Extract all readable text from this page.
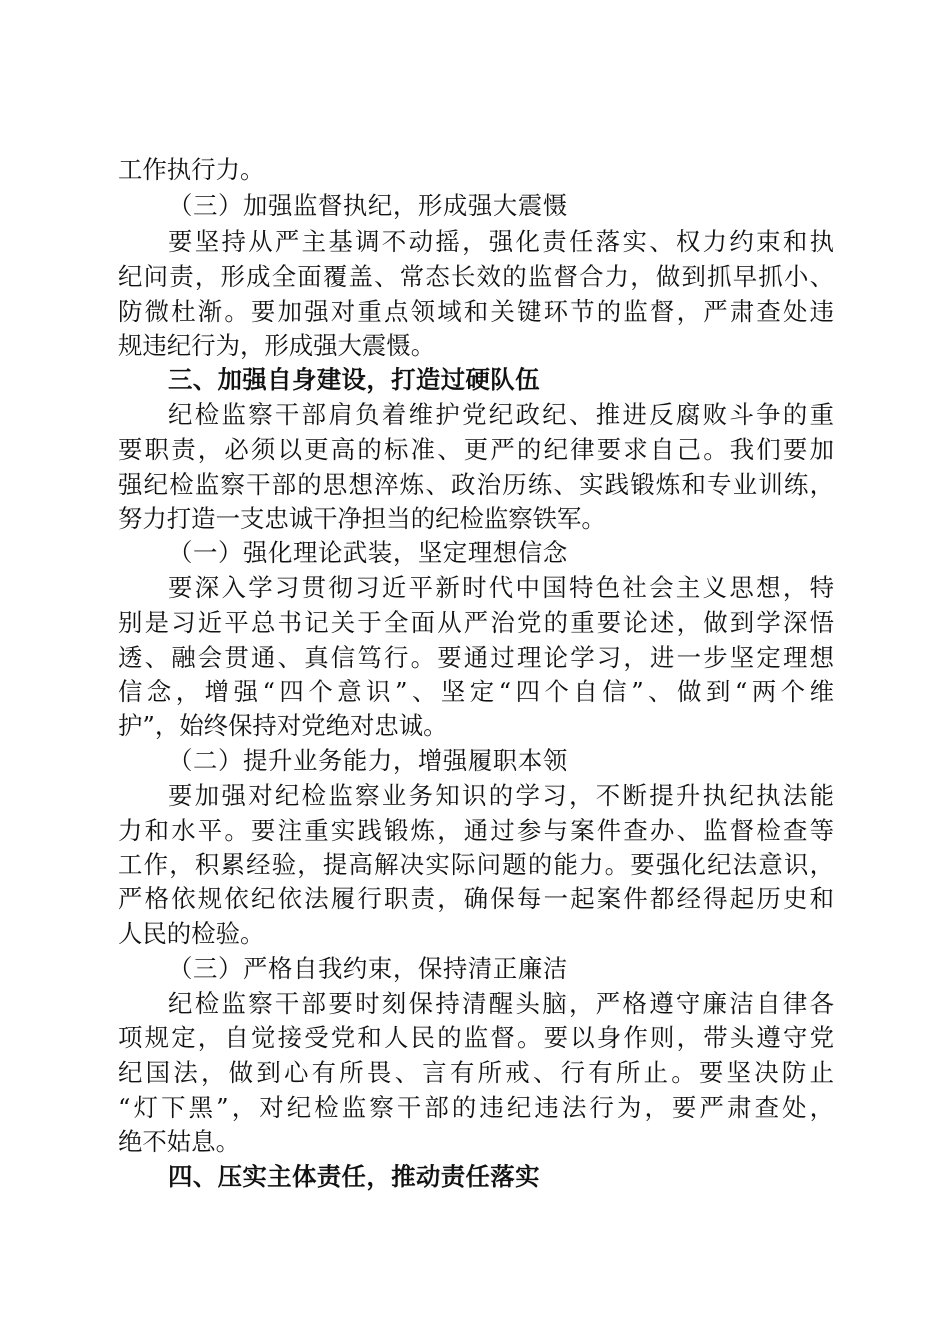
工作执行力。
（三）加强监督执纪，形成强大震慑
要坚持从严主基调不动摇，强化责任落实、权力约束和执
纪问责，形成全面覆盖、常态长效的监督合力，做到抓早抓小、
防微杜渐。要加强对重点领域和关键环节的监督，严肃查处违
规违纪行为，形成强大震慑。
三、加强自身建设，打造过硬队伍
纪检监察干部肩负着维护党纪政纪、推进反腐败斗争的重
要职责，必须以更高的标准、更严的纪律要求自己。我们要加
强纪检监察干部的思想淬炼、政治历练、实践锻炼和专业训练，
努力打造一支忠诚干净担当的纪检监察铁军。
（一）强化理论武装，坚定理想信念
要深入学习贯彻习近平新时代中国特色社会主义思想，特
别是习近平总书记关于全面从严治党的重要论述，做到学深悟
透、融会贯通、真信笃行。要通过理论学习，进一步坚定理想
信念，增强“四个意识”、坚定“四个自信”、做到“两个维
护”，始终保持对党绝对忠诚。
（二）提升业务能力，增强履职本领
要加强对纪检监察业务知识的学习，不断提升执纪执法能
力和水平。要注重实践锻炼，通过参与案件查办、监督检查等
工作，积累经验，提高解决实际问题的能力。要强化纪法意识，
严格依规依纪依法履行职责，确保每一起案件都经得起历史和
人民的检验。
（三）严格自我约束，保持清正廉洁
纪检监察干部要时刻保持清醒头脑，严格遵守廉洁自律各
项规定，自觉接受党和人民的监督。要以身作则，带头遵守党
纪国法，做到心有所畏、言有所戒、行有所止。要坚决防止
“灯下黑”，对纪检监察干部的违纪违法行为，要严肃查处，
绝不姑息。
四、压实主体责任，推动责任落实
